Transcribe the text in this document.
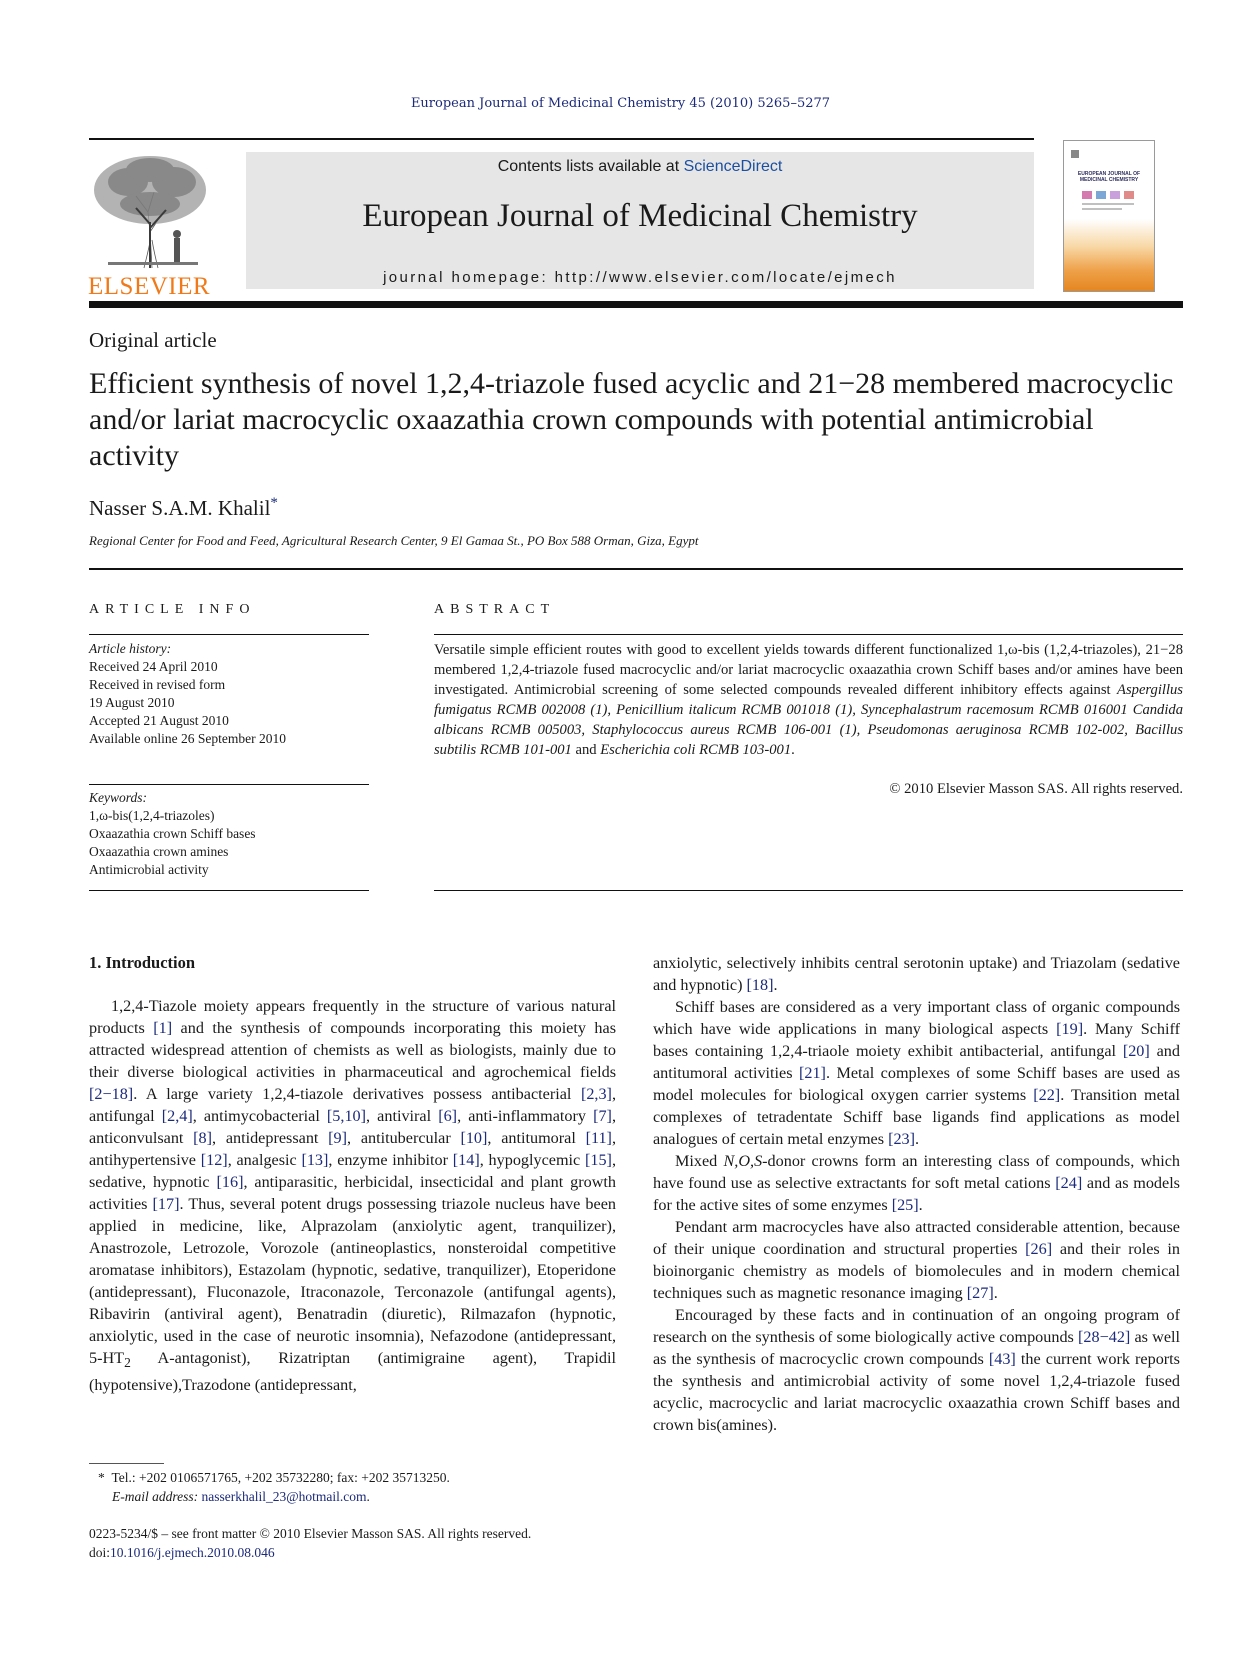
European Journal of Medicinal Chemistry 45 (2010) 5265–5277
ELSEVIER
Contents lists available at ScienceDirect
European Journal of Medicinal Chemistry
journal homepage: http://www.elsevier.com/locate/ejmech
EUROPEAN JOURNAL OF MEDICINAL CHEMISTRY
Original article
Efficient synthesis of novel 1,2,4-triazole fused acyclic and 21−28 membered macrocyclic and/or lariat macrocyclic oxaazathia crown compounds with potential antimicrobial activity
Nasser S.A.M. Khalil*
Regional Center for Food and Feed, Agricultural Research Center, 9 El Gamaa St., PO Box 588 Orman, Giza, Egypt
ARTICLE INFO	ABSTRACT
Article history:
Received 24 April 2010
Received in revised form
19 August 2010
Accepted 21 August 2010
Available online 26 September 2010
Keywords:
1,ω-bis(1,2,4-triazoles)
Oxaazathia crown Schiff bases
Oxaazathia crown amines
Antimicrobial activity
Versatile simple efficient routes with good to excellent yields towards different functionalized 1,ω-bis (1,2,4-triazoles), 21−28 membered 1,2,4-triazole fused macrocyclic and/or lariat macrocyclic oxaazathia crown Schiff bases and/or amines have been investigated. Antimicrobial screening of some selected compounds revealed different inhibitory effects against Aspergillus fumigatus RCMB 002008 (1), Penicillium italicum RCMB 001018 (1), Syncephalastrum racemosum RCMB 016001 Candida albicans RCMB 005003, Staphylococcus aureus RCMB 106-001 (1), Pseudomonas aeruginosa RCMB 102-002, Bacillus subtilis RCMB 101-001 and Escherichia coli RCMB 103-001.
© 2010 Elsevier Masson SAS. All rights reserved.
1. Introduction

1,2,4-Tiazole moiety appears frequently in the structure of various natural products [1] and the synthesis of compounds incorporating this moiety has attracted widespread attention of chemists as well as biologists, mainly due to their diverse biological activities in pharmaceutical and agrochemical fields [2−18]. A large variety 1,2,4-tiazole derivatives possess antibacterial [2,3], antifungal [2,4], antimycobacterial [5,10], antiviral [6], anti-inflammatory [7], anticonvulsant [8], antidepressant [9], antitubercular [10], antitumoral [11], antihypertensive [12], analgesic [13], enzyme inhibitor [14], hypoglycemic [15], sedative, hypnotic [16], antiparasitic, herbicidal, insecticidal and plant growth activities [17]. Thus, several potent drugs possessing triazole nucleus have been applied in medicine, like, Alprazolam (anxiolytic agent, tranquilizer), Anastrozole, Letrozole, Vorozole (antineoplastics, nonsteroidal competitive aromatase inhibitors), Estazolam (hypnotic, sedative, tranquilizer), Etoperidone (antidepressant), Fluconazole, Itraconazole, Terconazole (antifungal agents), Ribavirin (antiviral agent), Benatradin (diuretic), Rilmazafon (hypnotic, anxiolytic, used in the case of neurotic insomnia), Nefazodone (antidepressant, $5-HT_2$ A-antagonist), Rizatriptan (antimigraine agent), Trapidil (hypotensive),Trazodone (antidepressant,

anxiolytic, selectively inhibits central serotonin uptake) and Triazolam (sedative and hypnotic) [18].

Schiff bases are considered as a very important class of organic compounds which have wide applications in many biological aspects [19]. Many Schiff bases containing 1,2,4-triaole moiety exhibit antibacterial, antifungal [20] and antitumoral activities [21]. Metal complexes of some Schiff bases are used as model molecules for biological oxygen carrier systems [22]. Transition metal complexes of tetradentate Schiff base ligands find applications as model analogues of certain metal enzymes [23].

Mixed N,O,S-donor crowns form an interesting class of compounds, which have found use as selective extractants for soft metal cations [24] and as models for the active sites of some enzymes [25].

Pendant arm macrocycles have also attracted considerable attention, because of their unique coordination and structural properties [26] and their roles in bioinorganic chemistry as models of biomolecules and in modern chemical techniques such as magnetic resonance imaging [27].

Encouraged by these facts and in continuation of an ongoing program of research on the synthesis of some biologically active compounds [28−42] as well as the synthesis of macrocyclic crown compounds [43] the current work reports the synthesis and antimicrobial activity of some novel 1,2,4-triazole fused acyclic, macrocyclic and lariat macrocyclic oxaazathia crown Schiff bases and crown bis(amines).

* Tel.: +202 0106571765, +202 35732280; fax: +202 35713250.
E-mail address: nasserkhalil_23@hotmail.com.
0223-5234/$ – see front matter © 2010 Elsevier Masson SAS. All rights reserved.
doi:10.1016/j.ejmech.2010.08.046
